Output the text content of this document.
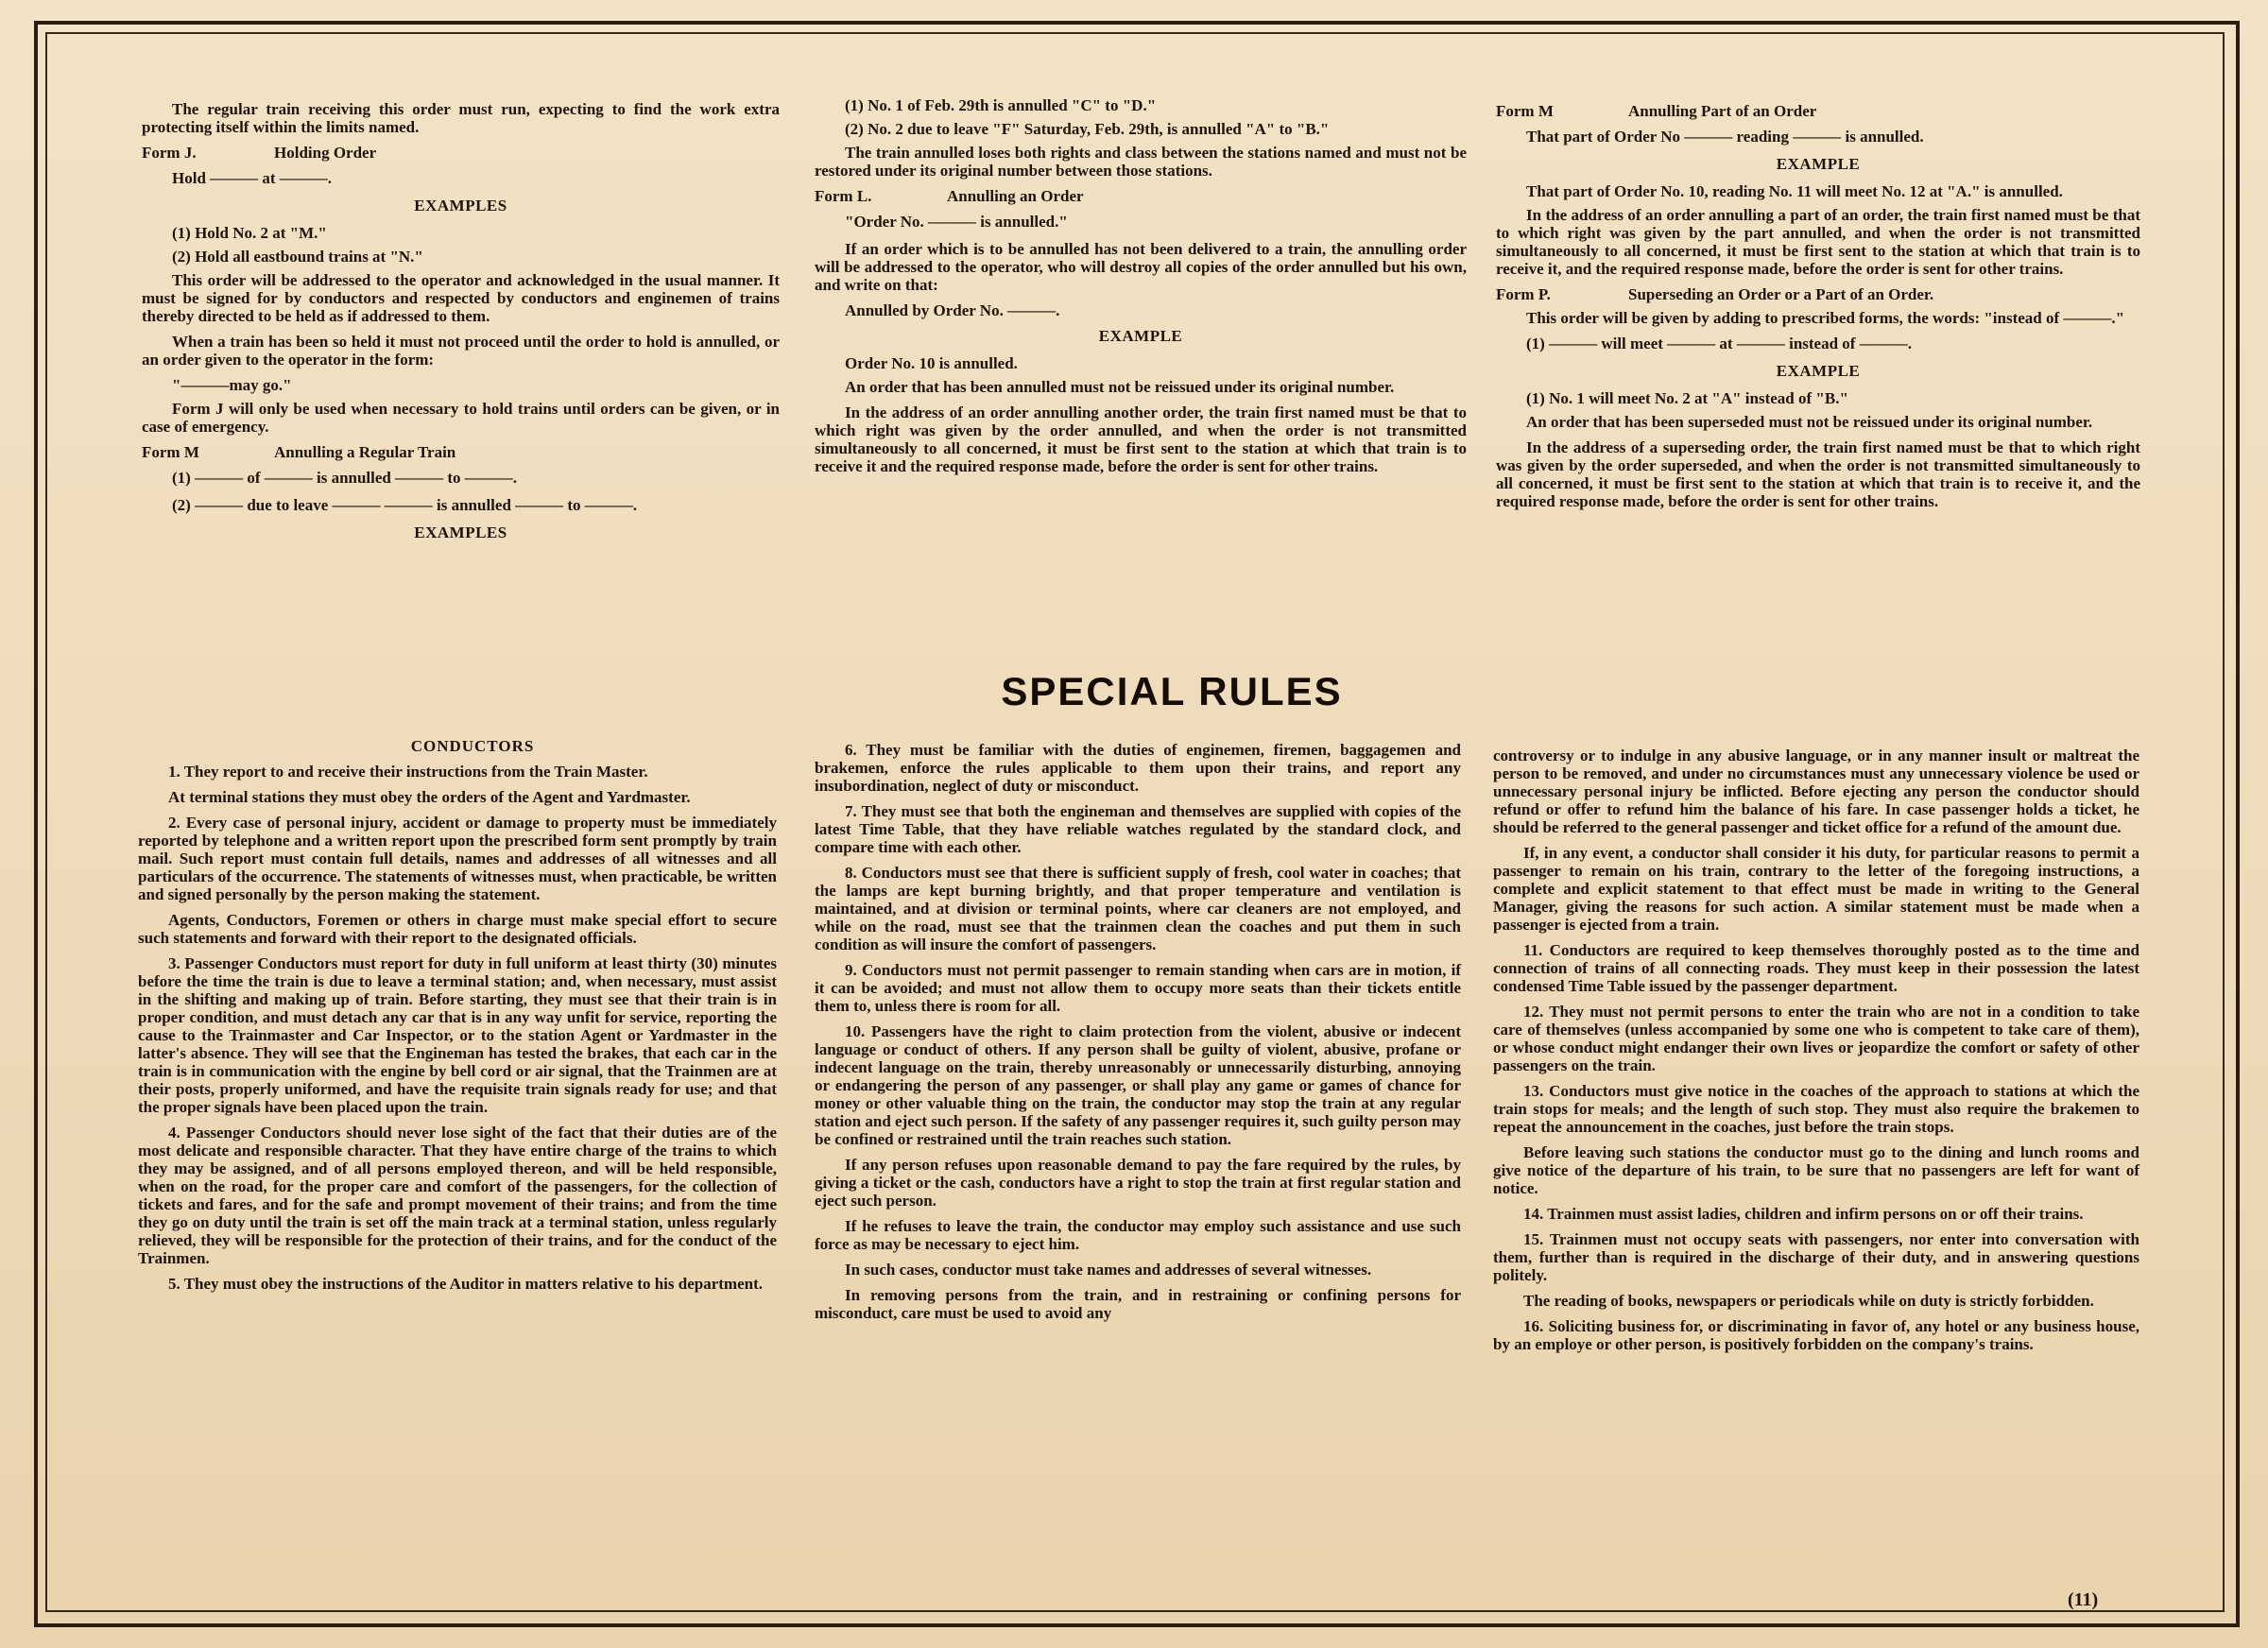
The regular train receiving this order must run, expecting to find the work extra protecting itself within the limits named.

Form J.	Holding Order

Hold ——— at ———.

EXAMPLES

(1) Hold No. 2 at "M."

(2) Hold all eastbound trains at "N."

This order will be addressed to the operator and acknowledged in the usual manner. It must be signed for by conductors and respected by conductors and enginemen of trains thereby directed to be held as if addressed to them.

When a train has been so held it must not proceed until the order to hold is annulled, or an order given to the operator in the form:

"———may go."

Form J will only be used when necessary to hold trains until orders can be given, or in case of emergency.

Form M	Annulling a Regular Train

(1) ——— of ——— is annulled ——— to ———.

(2) ——— due to leave ——— ——— is annulled ——— to ———.

EXAMPLES

(1) No. 1 of Feb. 29th is annulled "C" to "D."

(2) No. 2 due to leave "F" Saturday, Feb. 29th, is annulled "A" to "B."

The train annulled loses both rights and class between the stations named and must not be restored under its original number between those stations.

Form L.	Annulling an Order

"Order No. ——— is annulled."

If an order which is to be annulled has not been delivered to a train, the annulling order will be addressed to the operator, who will destroy all copies of the order annulled but his own, and write on that:

Annulled by Order No. ———.

EXAMPLE

Order No. 10 is annulled.

An order that has been annulled must not be reissued under its original number.

In the address of an order annulling another order, the train first named must be that to which right was given by the order annulled, and when the order is not transmitted simultaneously to all concerned, it must be first sent to the station at which that train is to receive it and the required response made, before the order is sent for other trains.

Form M	Annulling Part of an Order

That part of Order No ——— reading ——— is annulled.

EXAMPLE

That part of Order No. 10, reading No. 11 will meet No. 12 at "A." is annulled.

In the address of an order annulling a part of an order, the train first named must be that to which right was given by the part annulled, and when the order is not transmitted simultaneously to all concerned, it must be first sent to the station at which that train is to receive it, and the required response made, before the order is sent for other trains.

Form P.	Superseding an Order or a Part of an Order.

This order will be given by adding to prescribed forms, the words: "instead of ———."

(1) ——— will meet ——— at ——— instead of ———.

EXAMPLE

(1) No. 1 will meet No. 2 at "A" instead of "B."

An order that has been superseded must not be reissued under its original number.

In the address of a superseding order, the train first named must be that to which right was given by the order superseded, and when the order is not transmitted simultaneously to all concerned, it must be first sent to the station at which that train is to receive it, and the required response made, before the order is sent for other trains.

SPECIAL RULES

CONDUCTORS

1. They report to and receive their instructions from the Train Master.

At terminal stations they must obey the orders of the Agent and Yardmaster.

2. Every case of personal injury, accident or damage to property must be immediately reported by telephone and a written report upon the prescribed form sent promptly by train mail. Such report must contain full details, names and addresses of all witnesses and all particulars of the occurrence. The statements of witnesses must, when practicable, be written and signed personally by the person making the statement.

Agents, Conductors, Foremen or others in charge must make special effort to secure such statements and forward with their report to the designated officials.

3. Passenger Conductors must report for duty in full uniform at least thirty (30) minutes before the time the train is due to leave a terminal station; and, when necessary, must assist in the shifting and making up of train. Before starting, they must see that their train is in proper condition, and must detach any car that is in any way unfit for service, reporting the cause to the Trainmaster and Car Inspector, or to the station Agent or Yardmaster in the latter's absence. They will see that the Engineman has tested the brakes, that each car in the train is in communication with the engine by bell cord or air signal, that the Trainmen are at their posts, properly uniformed, and have the requisite train signals ready for use; and that the proper signals have been placed upon the train.

4. Passenger Conductors should never lose sight of the fact that their duties are of the most delicate and responsible character. That they have entire charge of the trains to which they may be assigned, and of all persons employed thereon, and will be held responsible, when on the road, for the proper care and comfort of the passengers, for the collection of tickets and fares, and for the safe and prompt movement of their trains; and from the time they go on duty until the train is set off the main track at a terminal station, unless regularly relieved, they will be responsible for the protection of their trains, and for the conduct of the Trainmen.

5. They must obey the instructions of the Auditor in matters relative to his department.

6. They must be familiar with the duties of enginemen, firemen, baggagemen and brakemen, enforce the rules applicable to them upon their trains, and report any insubordination, neglect of duty or misconduct.

7. They must see that both the engineman and themselves are supplied with copies of the latest Time Table, that they have reliable watches regulated by the standard clock, and compare time with each other.

8. Conductors must see that there is sufficient supply of fresh, cool water in coaches; that the lamps are kept burning brightly, and that proper temperature and ventilation is maintained, and at division or terminal points, where car cleaners are not employed, and while on the road, must see that the trainmen clean the coaches and put them in such condition as will insure the comfort of passengers.

9. Conductors must not permit passenger to remain standing when cars are in motion, if it can be avoided; and must not allow them to occupy more seats than their tickets entitle them to, unless there is room for all.

10. Passengers have the right to claim protection from the violent, abusive or indecent language or conduct of others. If any person shall be guilty of violent, abusive, profane or indecent language on the train, thereby unreasonably or unnecessarily disturbing, annoying or endangering the person of any passenger, or shall play any game or games of chance for money or other valuable thing on the train, the conductor may stop the train at any regular station and eject such person. If the safety of any passenger requires it, such guilty person may be confined or restrained until the train reaches such station.

If any person refuses upon reasonable demand to pay the fare required by the rules, by giving a ticket or the cash, conductors have a right to stop the train at first regular station and eject such person.

If he refuses to leave the train, the conductor may employ such assistance and use such force as may be necessary to eject him.

In such cases, conductor must take names and addresses of several witnesses.

In removing persons from the train, and in restraining or confining persons for misconduct, care must be used to avoid any

controversy or to indulge in any abusive language, or in any manner insult or maltreat the person to be removed, and under no circumstances must any unnecessary violence be used or unnecessary personal injury be inflicted. Before ejecting any person the conductor should refund or offer to refund him the balance of his fare. In case passenger holds a ticket, he should be referred to the general passenger and ticket office for a refund of the amount due.

If, in any event, a conductor shall consider it his duty, for particular reasons to permit a passenger to remain on his train, contrary to the letter of the foregoing instructions, a complete and explicit statement to that effect must be made in writing to the General Manager, giving the reasons for such action. A similar statement must be made when a passenger is ejected from a train.

11. Conductors are required to keep themselves thoroughly posted as to the time and connection of trains of all connecting roads. They must keep in their possession the latest condensed Time Table issued by the passenger department.

12. They must not permit persons to enter the train who are not in a condition to take care of themselves (unless accompanied by some one who is competent to take care of them), or whose conduct might endanger their own lives or jeopardize the comfort or safety of other passengers on the train.

13. Conductors must give notice in the coaches of the approach to stations at which the train stops for meals; and the length of such stop. They must also require the brakemen to repeat the announcement in the coaches, just before the train stops.

Before leaving such stations the conductor must go to the dining and lunch rooms and give notice of the departure of his train, to be sure that no passengers are left for want of notice.

14. Trainmen must assist ladies, children and infirm persons on or off their trains.

15. Trainmen must not occupy seats with passengers, nor enter into conversation with them, further than is required in the discharge of their duty, and in answering questions politely.

The reading of books, newspapers or periodicals while on duty is strictly forbidden.

16. Soliciting business for, or discriminating in favor of, any hotel or any business house, by an employe or other person, is positively forbidden on the company's trains.

(11)
